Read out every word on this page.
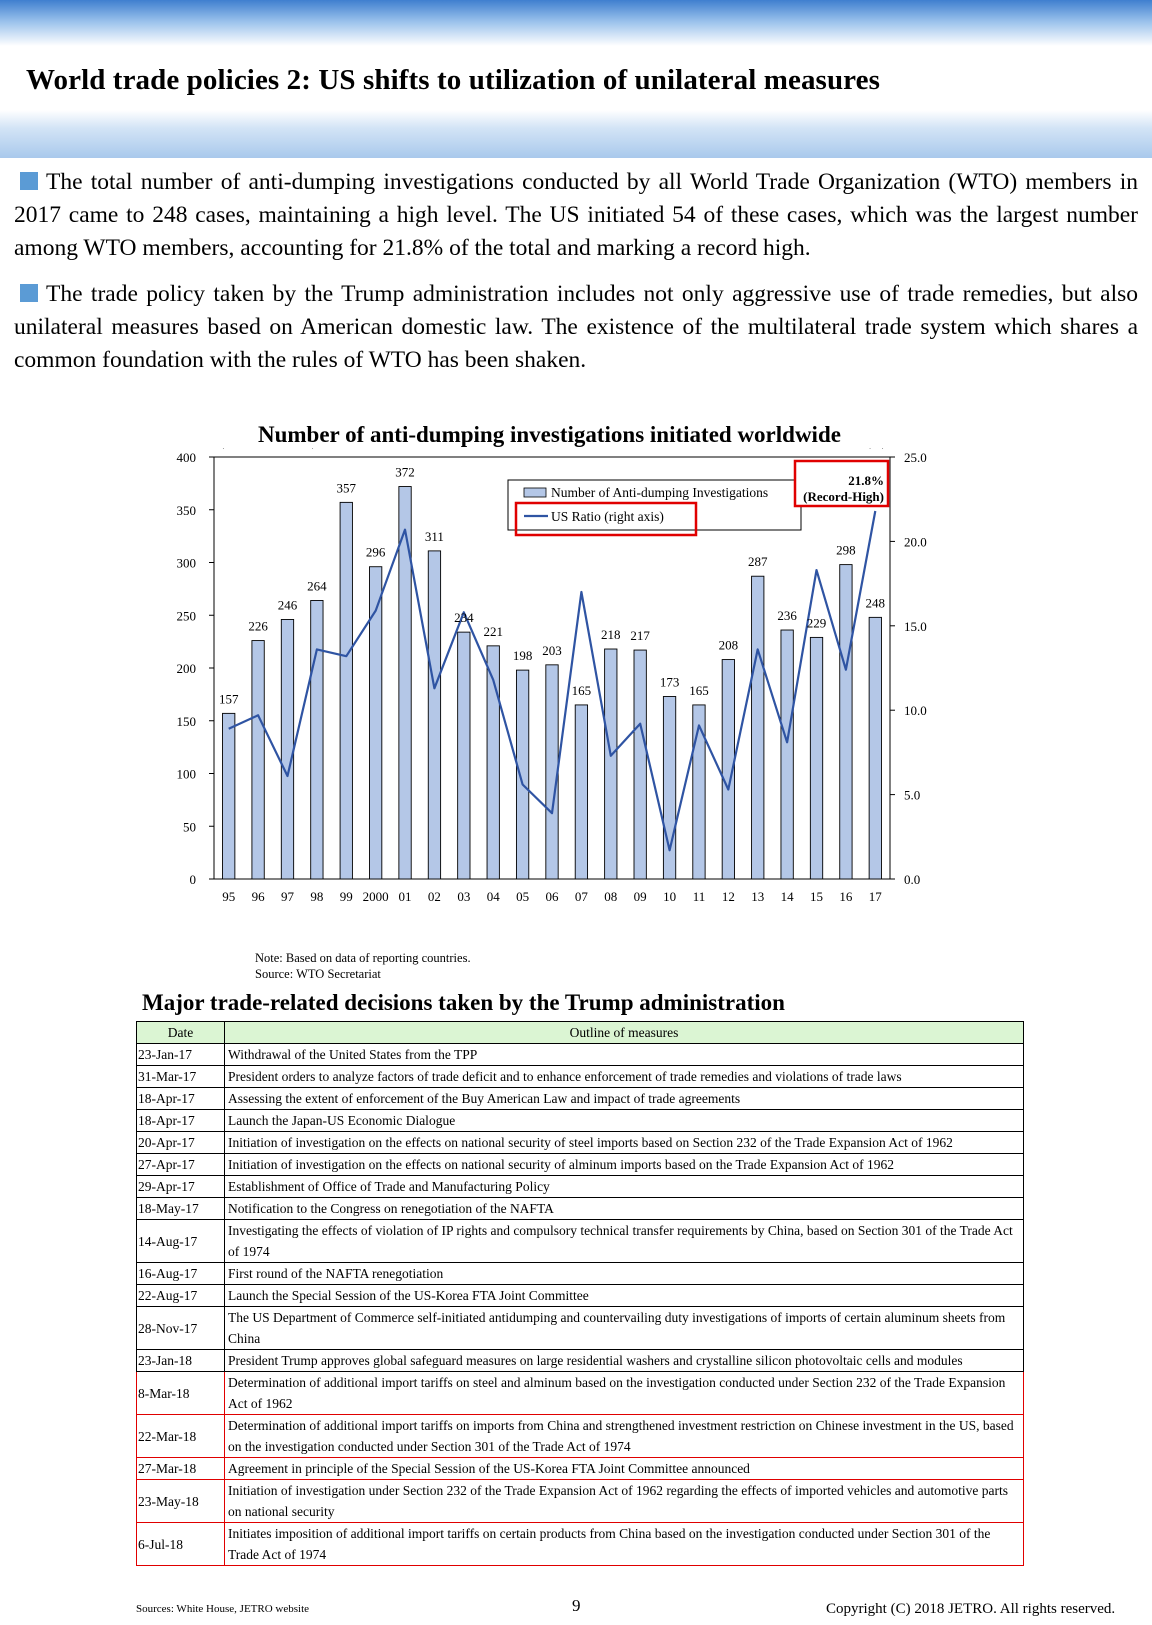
World trade policies 2: US shifts to utilization of unilateral measures

The total number of anti-dumping investigations conducted by all World Trade Organization (WTO) members in 2017 came to 248 cases, maintaining a high level. The US initiated 54 of these cases, which was the largest number among WTO members, accounting for 21.8% of the total and marking a record high.

The trade policy taken by the Trump administration includes not only aggressive use of trade remedies, but also unilateral measures based on American domestic law. The existence of the multilateral trade system which shares a common foundation with the rules of WTO has been shaken.

Number of anti-dumping investigations initiated worldwide
0
50
100
150
200
250
300
350
400
0.0
5.0
10.0
15.0
20.0
25.0
95 96 97 98 99 2000 01 02 03 04 05 06 07 08 09 10 11 12 13 14 15 16 17
157
226
246
264
357
296
372
311
234
221
198 203
165
218 217
173
165
208
287
236 229
298
248
Number of Anti-dumping Investigations
US Ratio (right axis)
21.8%
(Record-High)
Note: Based on data of reporting countries.
Source: WTO Secretariat
Major trade-related decisions taken by the Trump administration
Date	Outline of measures
23-Jan-17	Withdrawal of the United States from the TPP
31-Mar-17	President orders to analyze factors of trade deficit and to enhance enforcement of trade remedies and violations of trade laws
18-Apr-17	Assessing the extent of enforcement of the Buy American Law and impact of trade agreements
18-Apr-17	Launch the Japan-US Economic Dialogue
20-Apr-17	Initiation of investigation on the effects on national security of steel imports based on Section 232 of the Trade Expansion Act of 1962
27-Apr-17	Initiation of investigation on the effects on national security of alminum imports based on the Trade Expansion Act of 1962
29-Apr-17	Establishment of Office of Trade and Manufacturing Policy
18-May-17	Notification to the Congress on renegotiation of the NAFTA
14-Aug-17	Investigating the effects of violation of IP rights and compulsory technical transfer requirements by China, based on Section 301 of the Trade Act of 1974
16-Aug-17	First round of the NAFTA renegotiation
22-Aug-17	Launch the Special Session of the US-Korea FTA Joint Committee
28-Nov-17	The US Department of Commerce self-initiated antidumping and countervailing duty investigations of imports of certain aluminum sheets from China
23-Jan-18	President Trump approves global safeguard measures on large residential washers and crystalline silicon photovoltaic cells and modules
8-Mar-18	Determination of additional import tariffs on steel and alminum based on the investigation conducted under Section 232 of the Trade Expansion Act of 1962
22-Mar-18	Determination of additional import tariffs on imports from China and strengthened investment restriction on Chinese investment in the US, based on the investigation conducted under Section 301 of the Trade Act of 1974
27-Mar-18	Agreement in principle of the Special Session of the US-Korea FTA Joint Committee announced
23-May-18	Initiation of investigation under Section 232 of the Trade Expansion Act of 1962 regarding the effects of imported vehicles and automotive parts on national security
6-Jul-18	Initiates imposition of additional import tariffs on certain products from China based on the investigation conducted under Section 301 of the Trade Act of 1974
Sources: White House, JETRO website	9	Copyright (C) 2018 JETRO. All rights reserved.
